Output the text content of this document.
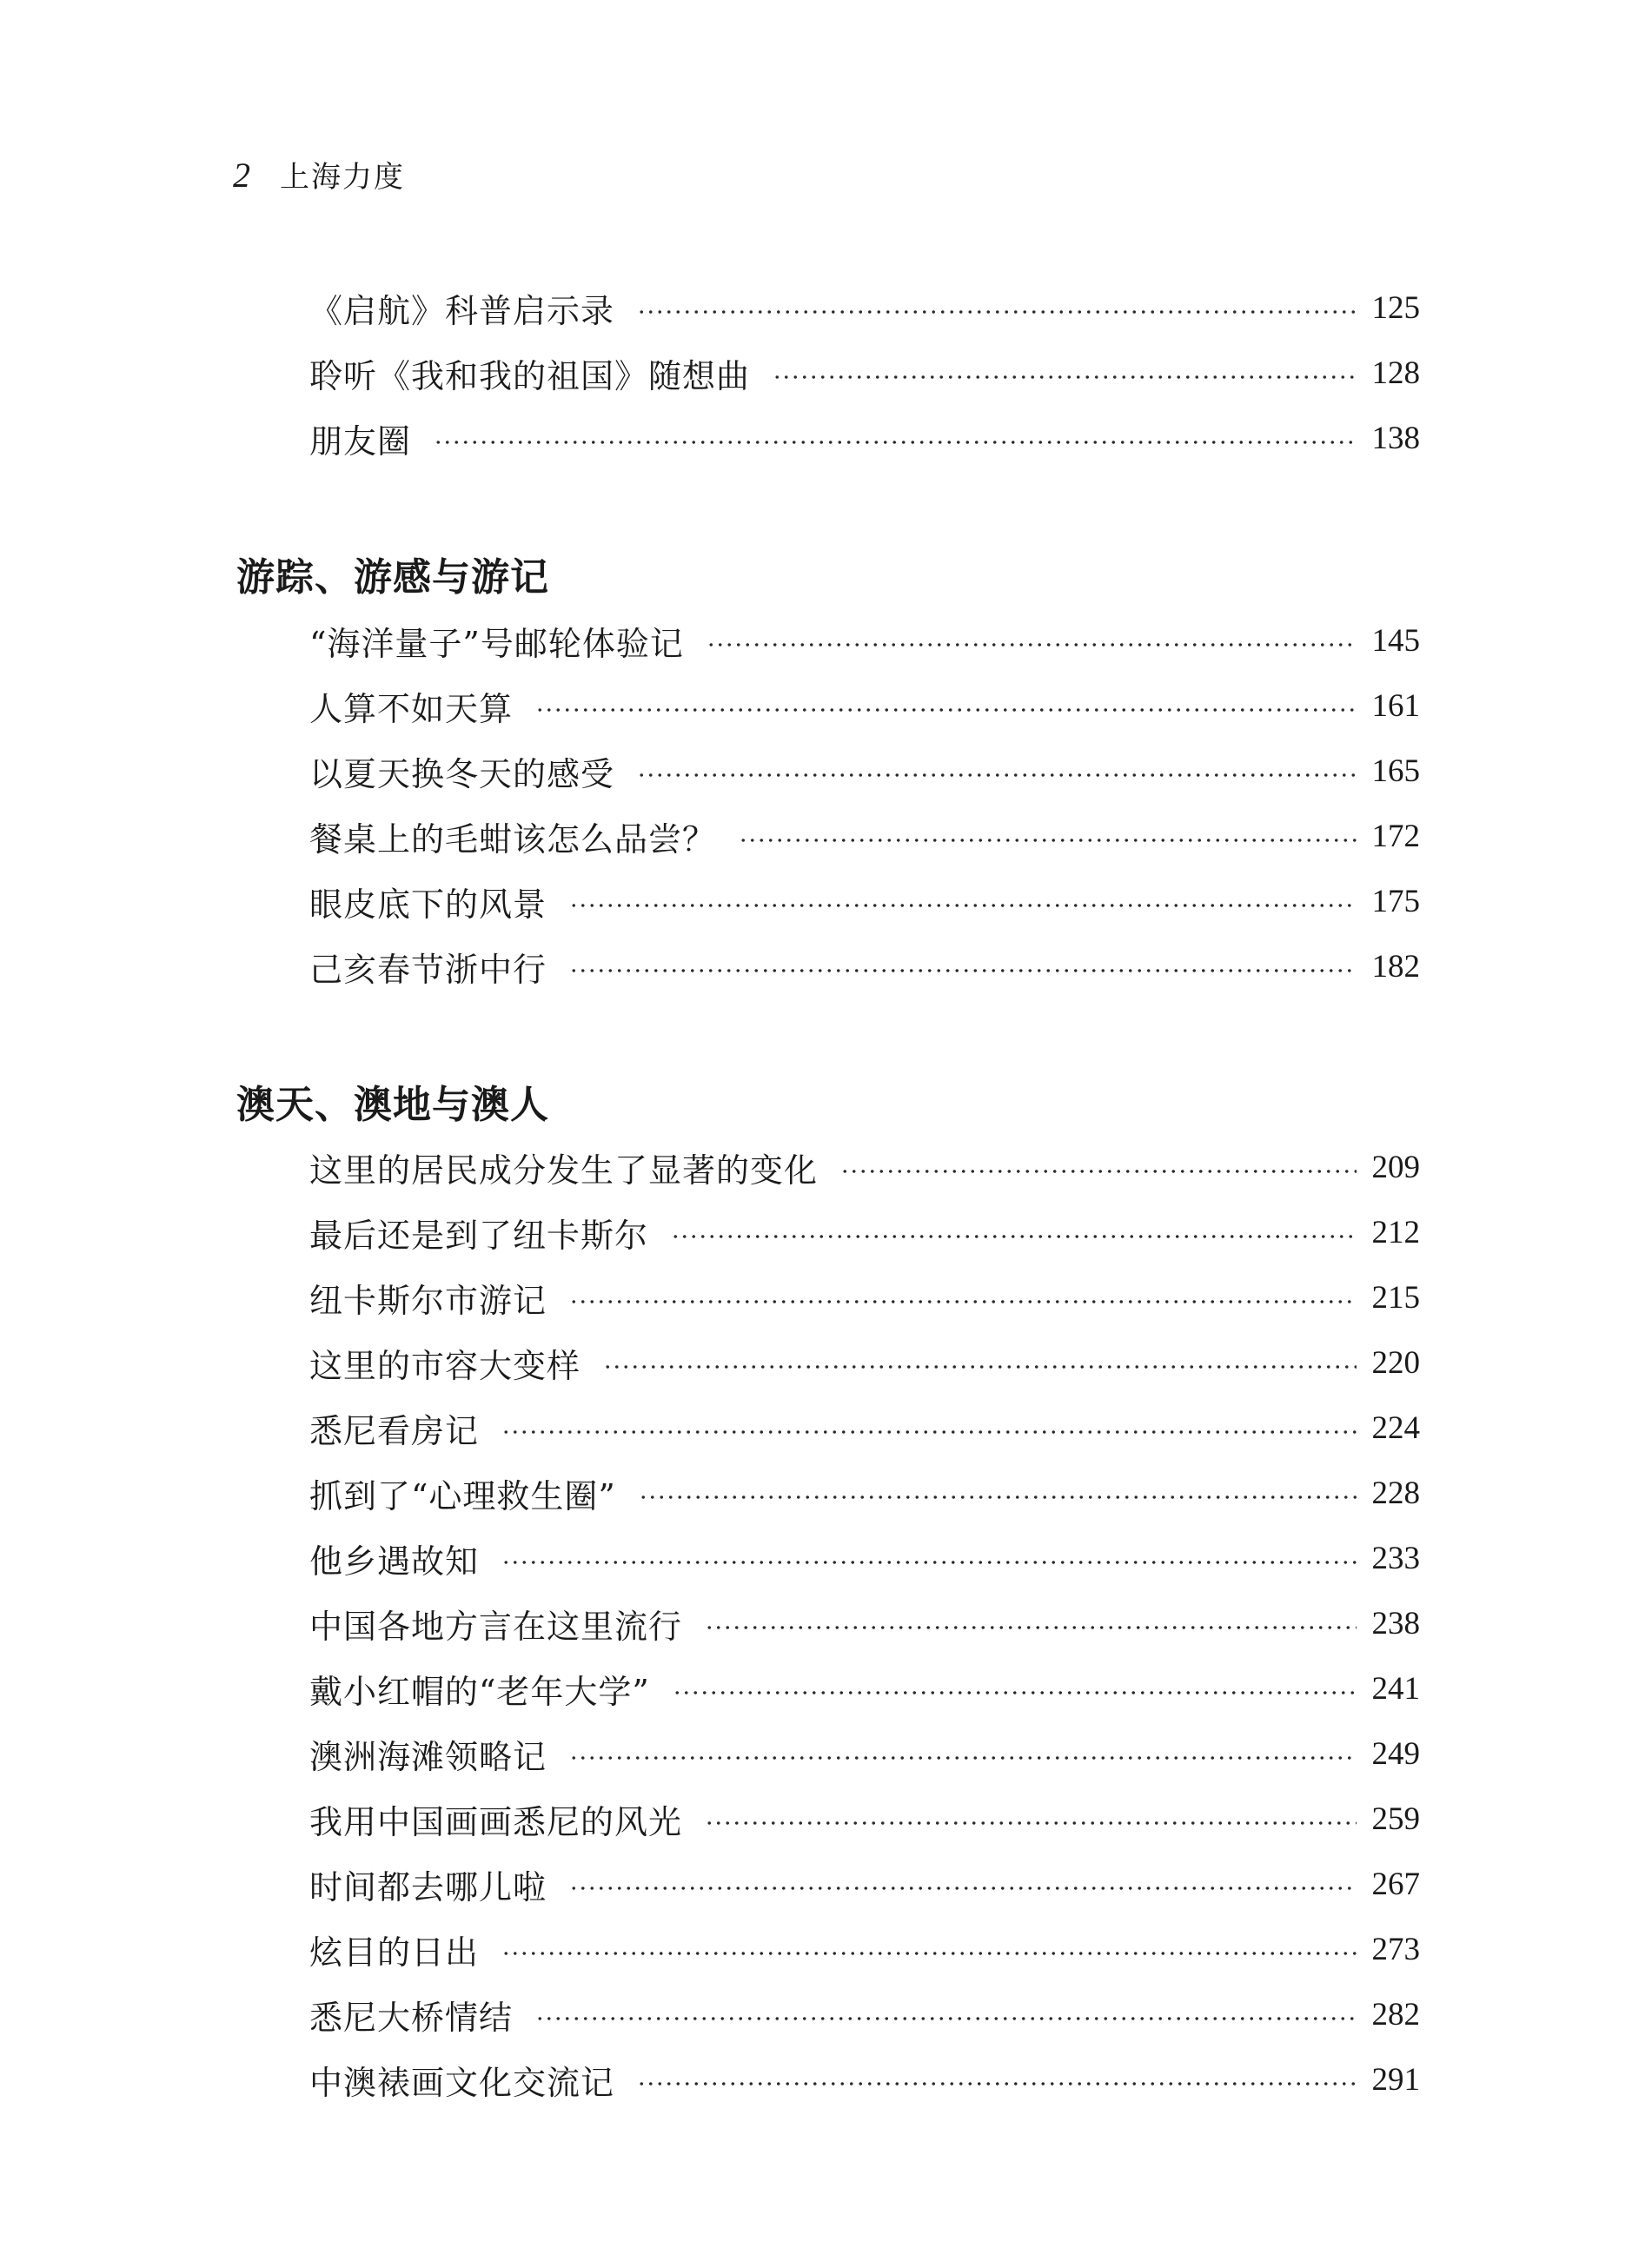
2 上海力度
《启航》科普启示录	125
聆听《我和我的祖国》随想曲	128
朋友圈	138
游踪、游感与游记
“海洋量子”号邮轮体验记	145
人算不如天算	161
以夏天换冬天的感受	165
餐桌上的毛蚶该怎么品尝？	172
眼皮底下的风景	175
己亥春节浙中行	182
澳天、澳地与澳人
这里的居民成分发生了显著的变化	209
最后还是到了纽卡斯尔	212
纽卡斯尔市游记	215
这里的市容大变样	220
悉尼看房记	224
抓到了“心理救生圈”	228
他乡遇故知	233
中国各地方言在这里流行	238
戴小红帽的“老年大学”	241
澳洲海滩领略记	249
我用中国画画悉尼的风光	259
时间都去哪儿啦	267
炫目的日出	273
悉尼大桥情结	282
中澳裱画文化交流记	291
